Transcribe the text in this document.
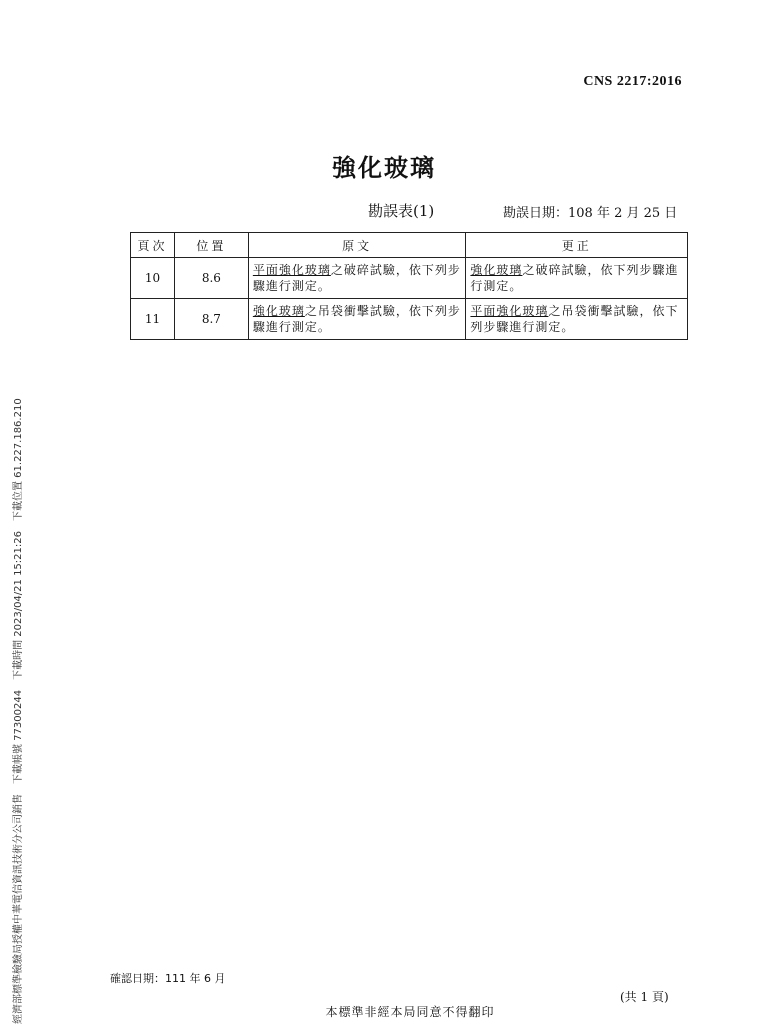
CNS 2217:2016
強化玻璃
勘誤表(1)	勘誤日期：108 年 2 月 25 日
頁次	位置	原文	更正
10	8.6	平面強化玻璃之破碎試驗，依下列步驟進行測定。	強化玻璃之破碎試驗，依下列步驟進行測定。
11	8.7	強化玻璃之吊袋衝擊試驗，依下列步驟進行測定。	平面強化玻璃之吊袋衝擊試驗，依下列步驟進行測定。
經濟部標準檢驗局授權中華電信資訊技術分公司銷售　下載帳號 77300244　下載時間 2023/04/21 15:21:26　下載位置 61.227.186.210	確認日期：111 年 6 月
(共 1 頁)
本標準非經本局同意不得翻印
